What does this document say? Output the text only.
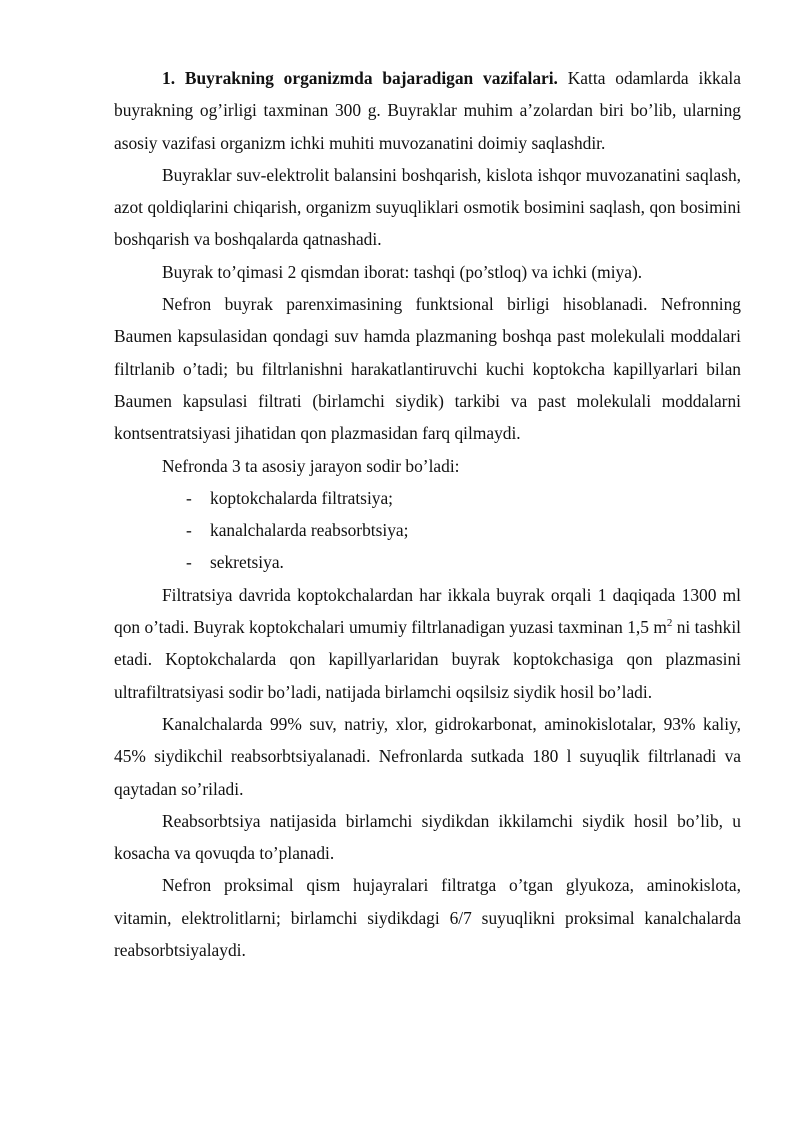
1. Buyrakning organizmda bajaradigan vazifalari. Katta odamlarda ikkala buyrakning og’irligi taxminan 300 g. Buyraklar muhim a’zolardan biri bo’lib, ularning asosiy vazifasi organizm ichki muhiti muvozanatini doimiy saqlashdir.

Buyraklar suv-elektrolit balansini boshqarish, kislota ishqor muvozanatini saqlash, azot qoldiqlarini chiqarish, organizm suyuqliklari osmotik bosimini saqlash, qon bosimini boshqarish va boshqalarda qatnashadi.

Buyrak to’qimasi 2 qismdan iborat: tashqi (po’stloq) va ichki (miya).

Nefron buyrak parenximasining funktsional birligi hisoblanadi. Nefronning Baumen kapsulasidan qondagi suv hamda plazmaning boshqa past molekulali moddalari filtrlanib o’tadi; bu filtrlanishni harakatlantiruvchi kuchi koptokcha kapillyarlari bilan Baumen kapsulasi filtrati (birlamchi siydik) tarkibi va past molekulali moddalarni kontsentratsiyasi jihatidan qon plazmasidan farq qilmaydi.

Nefronda 3 ta asosiy jarayon sodir bo’ladi:

- koptokchalarda filtratsiya;
- kanalchalarda reabsorbtsiya;
- sekretsiya.

Filtratsiya davrida koptokchalardan har ikkala buyrak orqali 1 daqiqada 1300 ml qon o’tadi. Buyrak koptokchalari umumiy filtrlanadigan yuzasi taxminan 1,5 $m^2$ ni tashkil etadi. Koptokchalarda qon kapillyarlaridan buyrak koptokchasiga qon plazmasini ultrafiltratsiyasi sodir bo’ladi, natijada birlamchi oqsilsiz siydik hosil bo’ladi.

Kanalchalarda 99% suv, natriy, xlor, gidrokarbonat, aminokislotalar, 93% kaliy, 45% siydikchil reabsorbtsiyalanadi. Nefronlarda sutkada 180 l suyuqlik filtrlanadi va qaytadan so’riladi.

Reabsorbtsiya natijasida birlamchi siydikdan ikkilamchi siydik hosil bo’lib, u kosacha va qovuqda to’planadi.

Nefron proksimal qism hujayralari filtratga o’tgan glyukoza, aminokislota, vitamin, elektrolitlarni; birlamchi siydikdagi 6/7 suyuqlikni proksimal kanalchalarda reabsorbtsiyalaydi.
